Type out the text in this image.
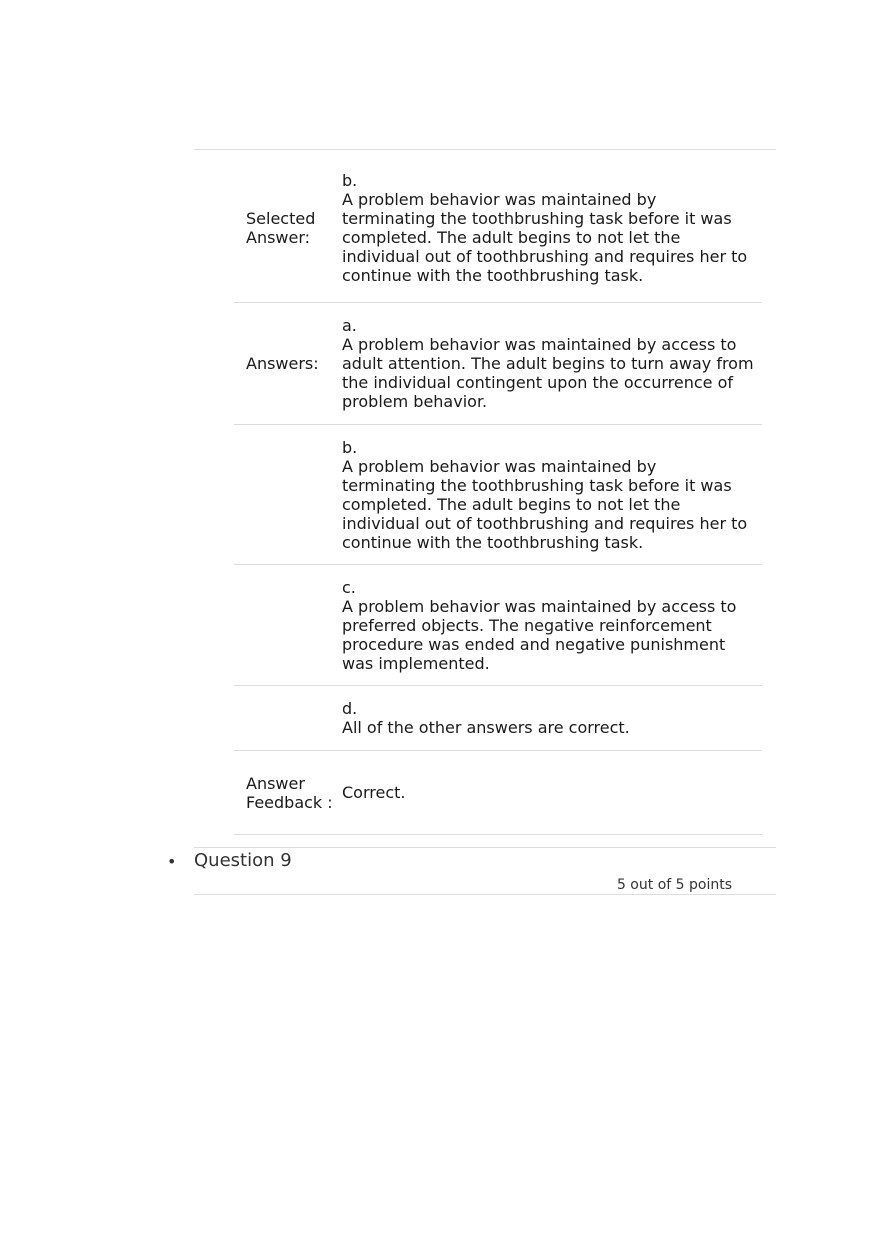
Selected Answer:
b.
A problem behavior was maintained by terminating the toothbrushing task before it was completed. The adult begins to not let the individual out of toothbrushing and requires her to continue with the toothbrushing task.
Answers:
a.
A problem behavior was maintained by access to adult attention. The adult begins to turn away from the individual contingent upon the occurrence of problem behavior.
b.
A problem behavior was maintained by terminating the toothbrushing task before it was completed. The adult begins to not let the individual out of toothbrushing and requires her to continue with the toothbrushing task.
c.
A problem behavior was maintained by access to preferred objects. The negative reinforcement procedure was ended and negative punishment was implemented.
d.
All of the other answers are correct.
Answer Feedback : Correct.
• Question 9
5 out of 5 points
